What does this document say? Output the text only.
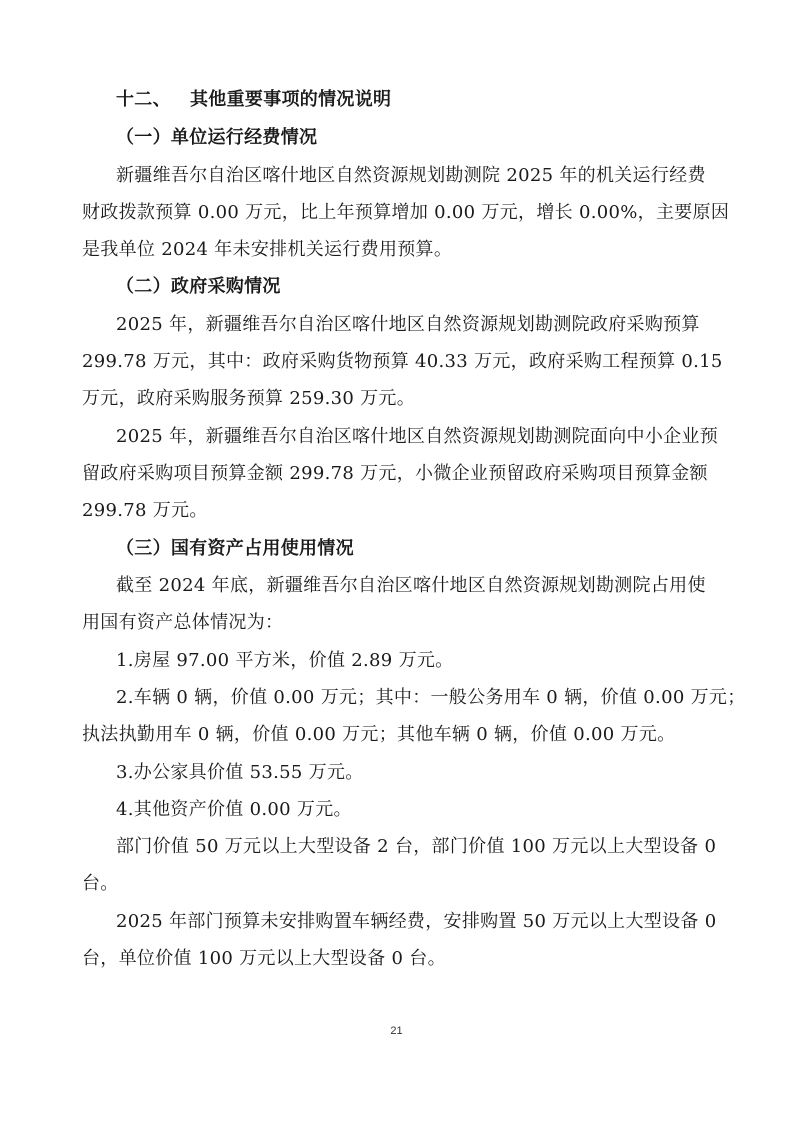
十二、 其他重要事项的情况说明
（一）单位运行经费情况
新疆维吾尔自治区喀什地区自然资源规划勘测院 2025 年的机关运行经费
财政拨款预算 0.00 万元，比上年预算增加 0.00 万元，增长 0.00%，主要原因
是我单位 2024 年未安排机关运行费用预算。
（二）政府采购情况
2025 年，新疆维吾尔自治区喀什地区自然资源规划勘测院政府采购预算
299.78 万元，其中：政府采购货物预算 40.33 万元，政府采购工程预算 0.15
万元，政府采购服务预算 259.30 万元。
2025 年，新疆维吾尔自治区喀什地区自然资源规划勘测院面向中小企业预
留政府采购项目预算金额 299.78 万元，小微企业预留政府采购项目预算金额
299.78 万元。
（三）国有资产占用使用情况
截至 2024 年底，新疆维吾尔自治区喀什地区自然资源规划勘测院占用使
用国有资产总体情况为：
1.房屋 97.00 平方米，价值 2.89 万元。
2.车辆 0 辆，价值 0.00 万元；其中：一般公务用车 0 辆，价值 0.00 万元；
执法执勤用车 0 辆，价值 0.00 万元；其他车辆 0 辆，价值 0.00 万元。
3.办公家具价值 53.55 万元。
4.其他资产价值 0.00 万元。
部门价值 50 万元以上大型设备 2 台，部门价值 100 万元以上大型设备 0
台。
2025 年部门预算未安排购置车辆经费，安排购置 50 万元以上大型设备 0
台，单位价值 100 万元以上大型设备 0 台。
21
